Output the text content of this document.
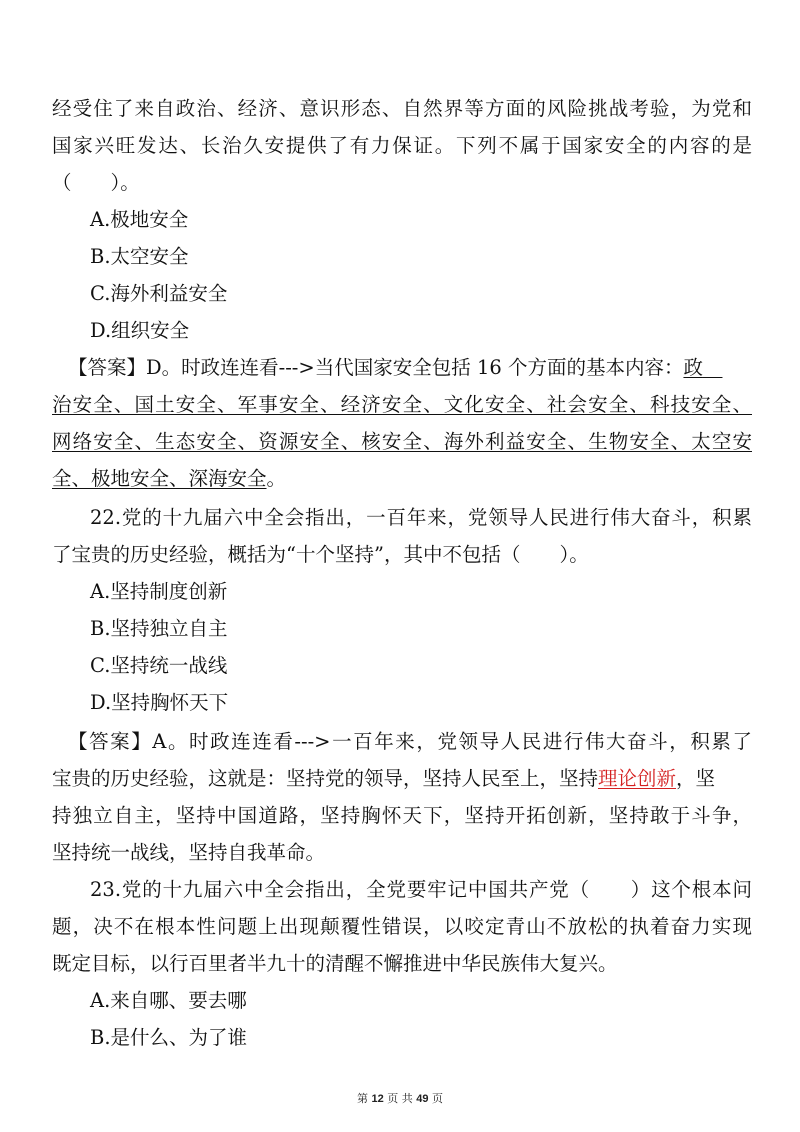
经受住了来自政治、经济、意识形态、自然界等方面的风险挑战考验，为党和
国家兴旺发达、长治久安提供了有力保证。下列不属于国家安全的内容的是
（　　）。
A.极地安全
B.太空安全
C.海外利益安全
D.组织安全
【答案】D。时政连连看--->当代国家安全包括 16 个方面的基本内容：政 
治安全、国土安全、军事安全、经济安全、文化安全、社会安全、科技安全、
网络安全、生态安全、资源安全、核安全、海外利益安全、生物安全、太空安
全、极地安全、深海安全。
22.党的十九届六中全会指出，一百年来，党领导人民进行伟大奋斗，积累
了宝贵的历史经验，概括为“十个坚持”，其中不包括（　　）。
A.坚持制度创新
B.坚持独立自主
C.坚持统一战线
D.坚持胸怀天下
【答案】A。时政连连看--->一百年来，党领导人民进行伟大奋斗，积累了
宝贵的历史经验，这就是：坚持党的领导，坚持人民至上，坚持理论创新，坚
持独立自主，坚持中国道路，坚持胸怀天下，坚持开拓创新，坚持敢于斗争，
坚持统一战线，坚持自我革命。
23.党的十九届六中全会指出，全党要牢记中国共产党（　　）这个根本问
题，决不在根本性问题上出现颠覆性错误，以咬定青山不放松的执着奋力实现
既定目标，以行百里者半九十的清醒不懈推进中华民族伟大复兴。
A.来自哪、要去哪
B.是什么、为了谁
第 12 页 共 49 页
